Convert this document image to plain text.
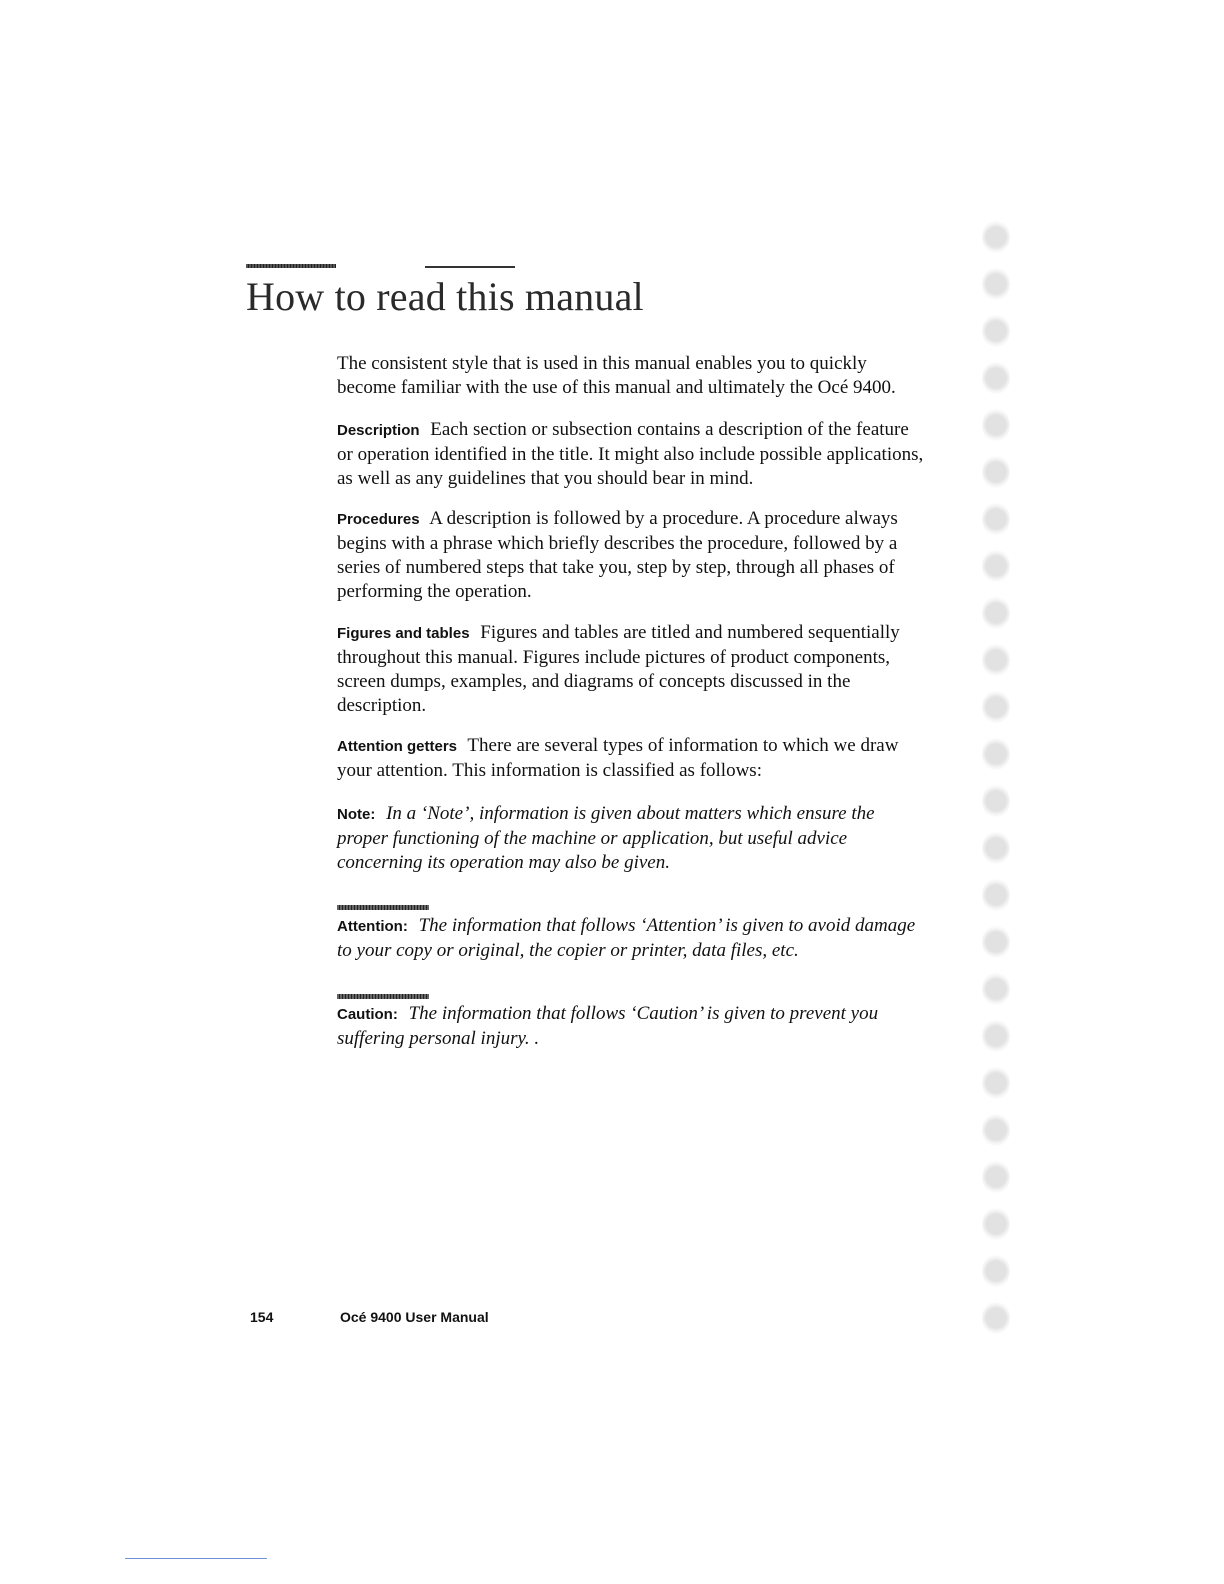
How to read this manual

The consistent style that is used in this manual enables you to quickly become familiar with the use of this manual and ultimately the Océ 9400.

Description Each section or subsection contains a description of the feature or operation identified in the title. It might also include possible applications, as well as any guidelines that you should bear in mind.

Procedures A description is followed by a procedure. A procedure always begins with a phrase which briefly describes the procedure, followed by a series of numbered steps that take you, step by step, through all phases of performing the operation.

Figures and tables Figures and tables are titled and numbered sequentially throughout this manual. Figures include pictures of product components, screen dumps, examples, and diagrams of concepts discussed in the description.

Attention getters There are several types of information to which we draw your attention. This information is classified as follows:

Note: In a ‘Note’, information is given about matters which ensure the proper functioning of the machine or application, but useful advice concerning its operation may also be given.

Attention: The information that follows ‘Attention’ is given to avoid damage to your copy or original, the copier or printer, data files, etc.

Caution: The information that follows ‘Caution’ is given to prevent you suffering personal injury. .

154	Océ 9400 User Manual
